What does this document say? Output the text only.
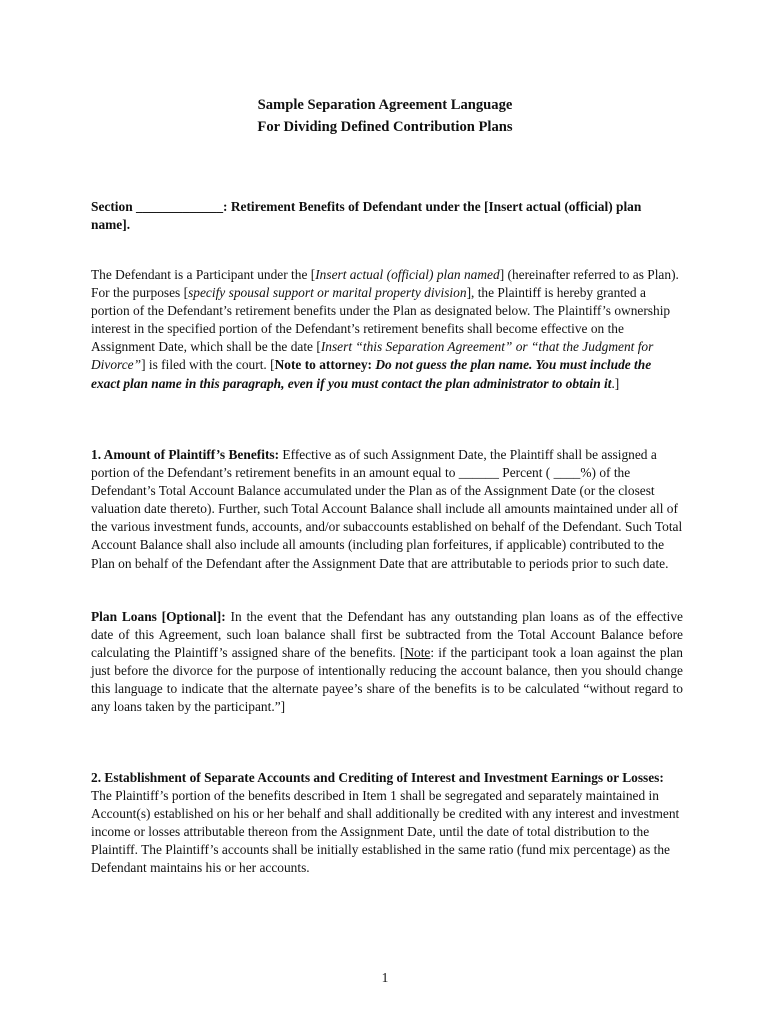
Sample Separation Agreement Language
For Dividing Defined Contribution Plans
Section _____________: Retirement Benefits of Defendant under the [Insert actual (official) plan name].
The Defendant is a Participant under the [Insert actual (official) plan named] (hereinafter referred to as Plan). For the purposes [specify spousal support or marital property division], the Plaintiff is hereby granted a portion of the Defendant’s retirement benefits under the Plan as designated below. The Plaintiff’s ownership interest in the specified portion of the Defendant’s retirement benefits shall become effective on the Assignment Date, which shall be the date [Insert “this Separation Agreement” or “that the Judgment for Divorce”] is filed with the court. [Note to attorney: Do not guess the plan name. You must include the exact plan name in this paragraph, even if you must contact the plan administrator to obtain it.]
1. Amount of Plaintiff’s Benefits: Effective as of such Assignment Date, the Plaintiff shall be assigned a portion of the Defendant’s retirement benefits in an amount equal to ______ Percent ( ____%) of the Defendant’s Total Account Balance accumulated under the Plan as of the Assignment Date (or the closest valuation date thereto). Further, such Total Account Balance shall include all amounts maintained under all of the various investment funds, accounts, and/or subaccounts established on behalf of the Defendant. Such Total Account Balance shall also include all amounts (including plan forfeitures, if applicable) contributed to the Plan on behalf of the Defendant after the Assignment Date that are attributable to periods prior to such date.
Plan Loans [Optional]: In the event that the Defendant has any outstanding plan loans as of the effective date of this Agreement, such loan balance shall first be subtracted from the Total Account Balance before calculating the Plaintiff’s assigned share of the benefits. [Note: if the participant took a loan against the plan just before the divorce for the purpose of intentionally reducing the account balance, then you should change this language to indicate that the alternate payee’s share of the benefits is to be calculated “without regard to any loans taken by the participant.”]
2. Establishment of Separate Accounts and Crediting of Interest and Investment Earnings or Losses: The Plaintiff’s portion of the benefits described in Item 1 shall be segregated and separately maintained in Account(s) established on his or her behalf and shall additionally be credited with any interest and investment income or losses attributable thereon from the Assignment Date, until the date of total distribution to the Plaintiff. The Plaintiff’s accounts shall be initially established in the same ratio (fund mix percentage) as the Defendant maintains his or her accounts.
1
